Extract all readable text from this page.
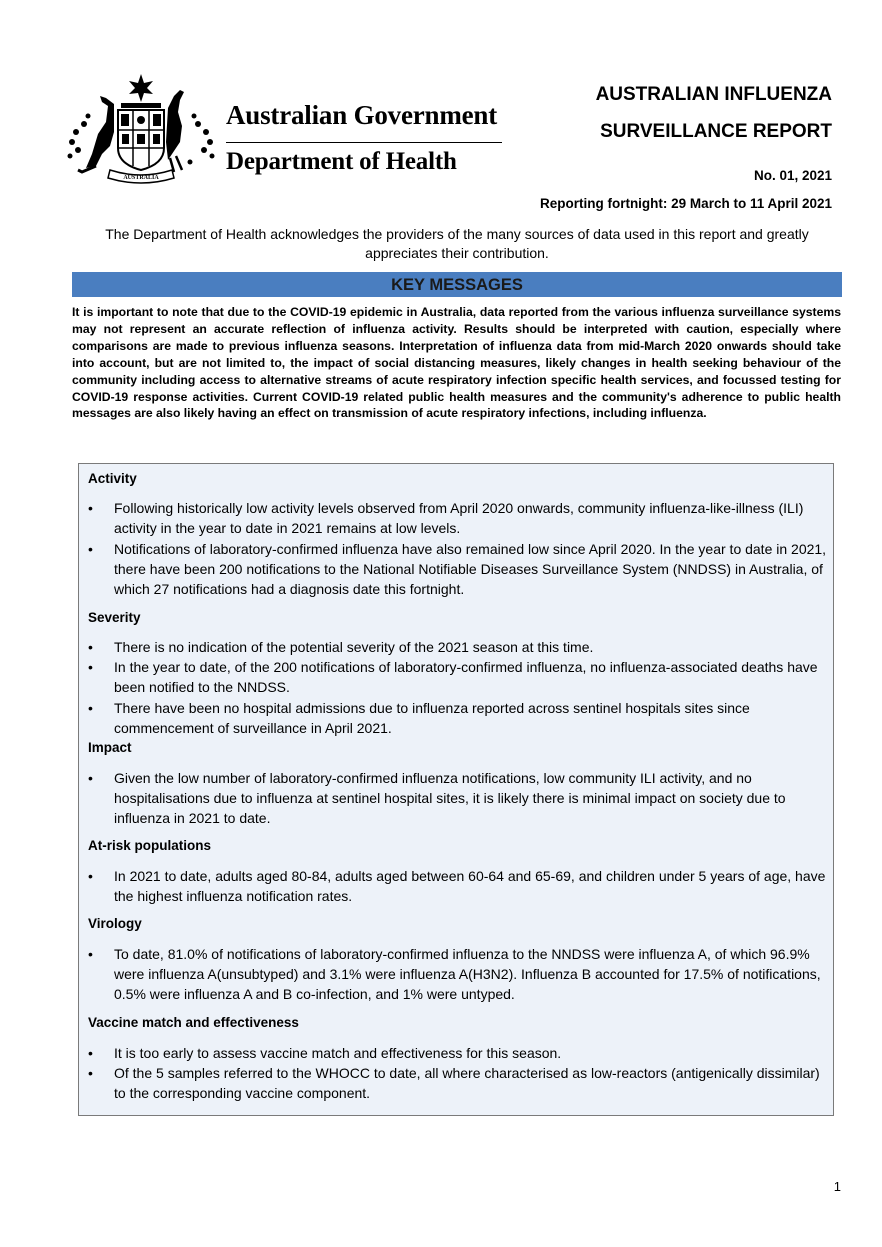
AUSTRALIA
Australian Government
Department of Health
AUSTRALIAN INFLUENZA
SURVEILLANCE REPORT
No. 01, 2021
Reporting fortnight: 29 March to 11 April 2021
The Department of Health acknowledges the providers of the many sources of data used in this report and greatly appreciates their contribution.
KEY MESSAGES
It is important to note that due to the COVID-19 epidemic in Australia, data reported from the various influenza surveillance systems may not represent an accurate reflection of influenza activity. Results should be interpreted with caution, especially where comparisons are made to previous influenza seasons. Interpretation of influenza data from mid-March 2020 onwards should take into account, but are not limited to, the impact of social distancing measures, likely changes in health seeking behaviour of the community including access to alternative streams of acute respiratory infection specific health services, and focussed testing for COVID-19 response activities. Current COVID-19 related public health measures and the community's adherence to public health messages are also likely having an effect on transmission of acute respiratory infections, including influenza.
Activity
•	Following historically low activity levels observed from April 2020 onwards, community influenza-like-illness (ILI) activity in the year to date in 2021 remains at low levels.
•	Notifications of laboratory-confirmed influenza have also remained low since April 2020. In the year to date in 2021, there have been 200 notifications to the National Notifiable Diseases Surveillance System (NNDSS) in Australia, of which 27 notifications had a diagnosis date this fortnight.
Severity
•	There is no indication of the potential severity of the 2021 season at this time.
•	In the year to date, of the 200 notifications of laboratory-confirmed influenza, no influenza-associated deaths have been notified to the NNDSS.
•	There have been no hospital admissions due to influenza reported across sentinel hospitals sites since commencement of surveillance in April 2021.
Impact
•	Given the low number of laboratory-confirmed influenza notifications, low community ILI activity, and no hospitalisations due to influenza at sentinel hospital sites, it is likely there is minimal impact on society due to influenza in 2021 to date.
At-risk populations
•	In 2021 to date, adults aged 80-84, adults aged between 60-64 and 65-69, and children under 5 years of age, have the highest influenza notification rates.
Virology
•	To date, 81.0% of notifications of laboratory-confirmed influenza to the NNDSS were influenza A, of which 96.9% were influenza A(unsubtyped) and 3.1% were influenza A(H3N2). Influenza B accounted for 17.5% of notifications, 0.5% were influenza A and B co-infection, and 1% were untyped.
Vaccine match and effectiveness
•	It is too early to assess vaccine match and effectiveness for this season.
•	Of the 5 samples referred to the WHOCC to date, all where characterised as low-reactors (antigenically dissimilar) to the corresponding vaccine component.
1
